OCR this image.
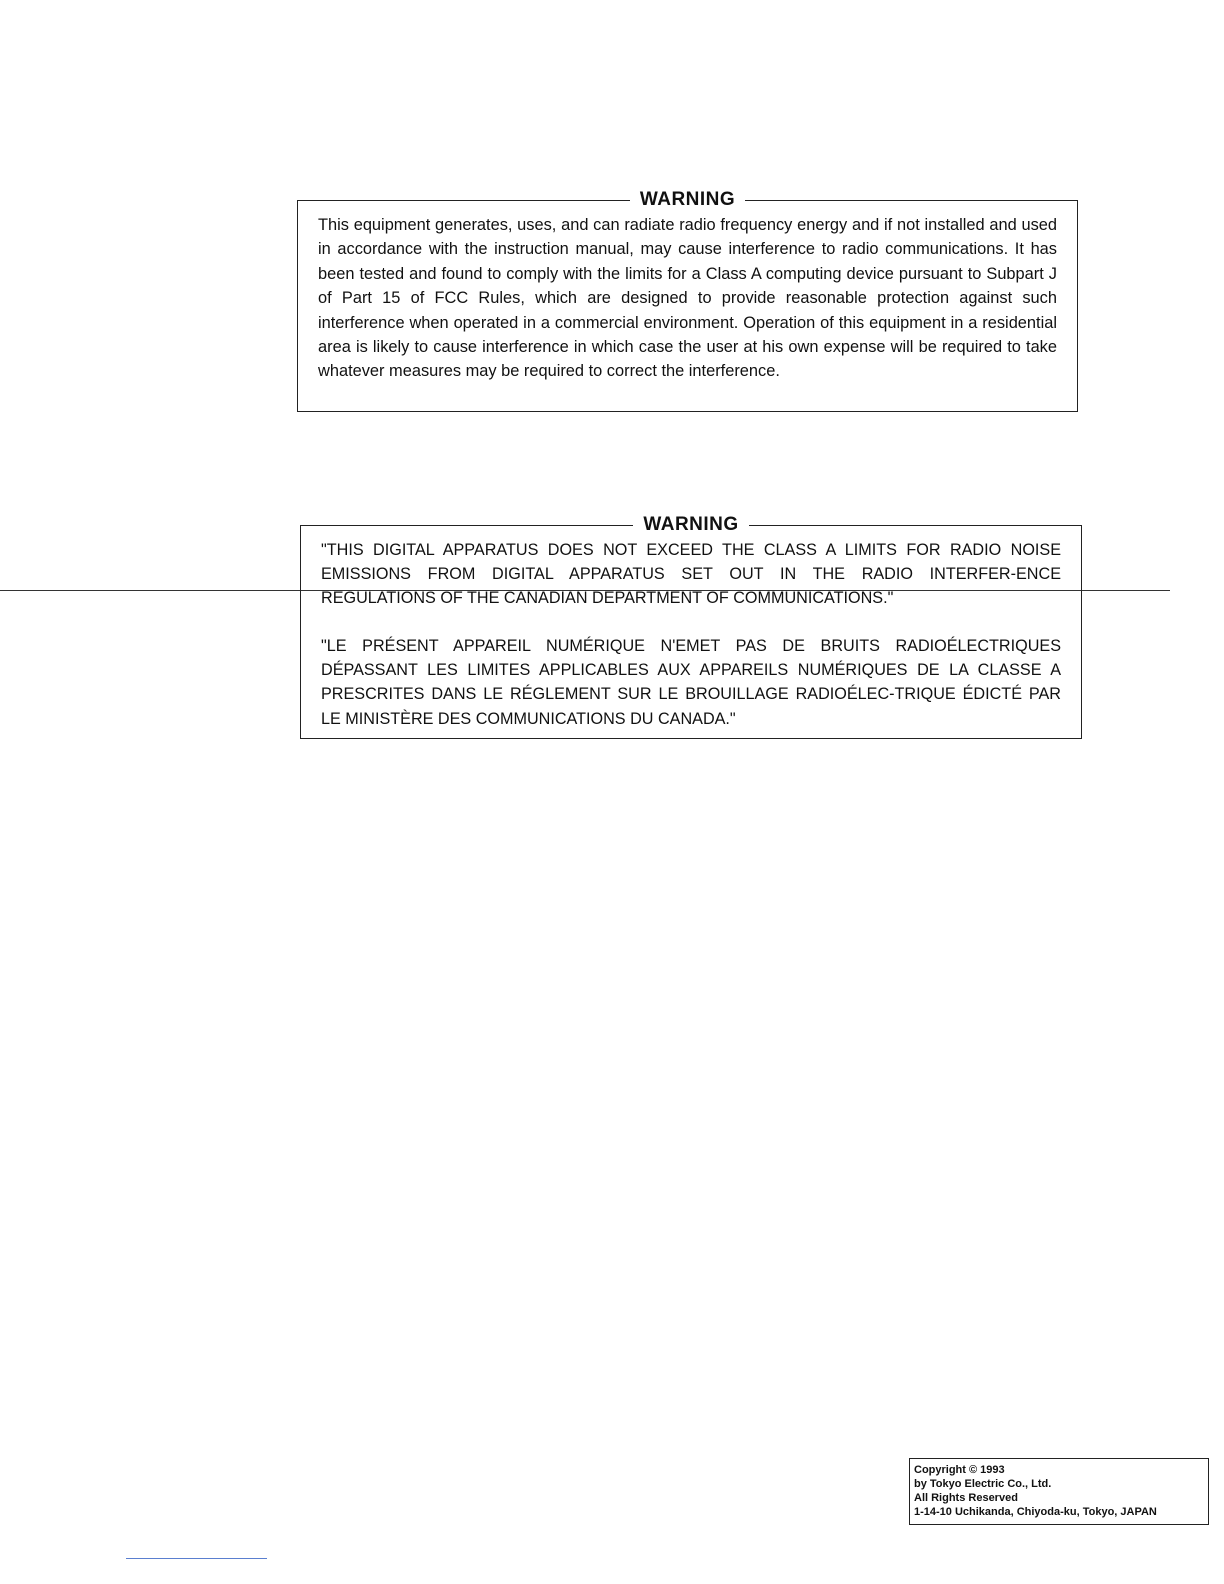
WARNING
This equipment generates, uses, and can radiate radio frequency energy and if not installed and used in accordance with the instruction manual, may cause interference to radio communications. It has been tested and found to comply with the limits for a Class A computing device pursuant to Subpart J of Part 15 of FCC Rules, which are designed to provide reasonable protection against such interference when operated in a commercial environment. Operation of this equipment in a residential area is likely to cause interference in which case the user at his own expense will be required to take whatever measures may be required to correct the interference.
WARNING
"THIS DIGITAL APPARATUS DOES NOT EXCEED THE CLASS A LIMITS FOR RADIO NOISE EMISSIONS FROM DIGITAL APPARATUS SET OUT IN THE RADIO INTERFER-ENCE REGULATIONS OF THE CANADIAN DEPARTMENT OF COMMUNICATIONS."
"LE PRÉSENT APPAREIL NUMÉRIQUE N'EMET PAS DE BRUITS RADIOÉLECTRIQUES DÉPASSANT LES LIMITES APPLICABLES AUX APPAREILS NUMÉRIQUES DE LA CLASSE A PRESCRITES DANS LE RÉGLEMENT SUR LE BROUILLAGE RADIOÉLEC-TRIQUE ÉDICTÉ PAR LE MINISTÈRE DES COMMUNICATIONS DU CANADA."
Copyright © 1993
by Tokyo Electric Co., Ltd.
All Rights Reserved
1-14-10 Uchikanda, Chiyoda-ku, Tokyo, JAPAN
